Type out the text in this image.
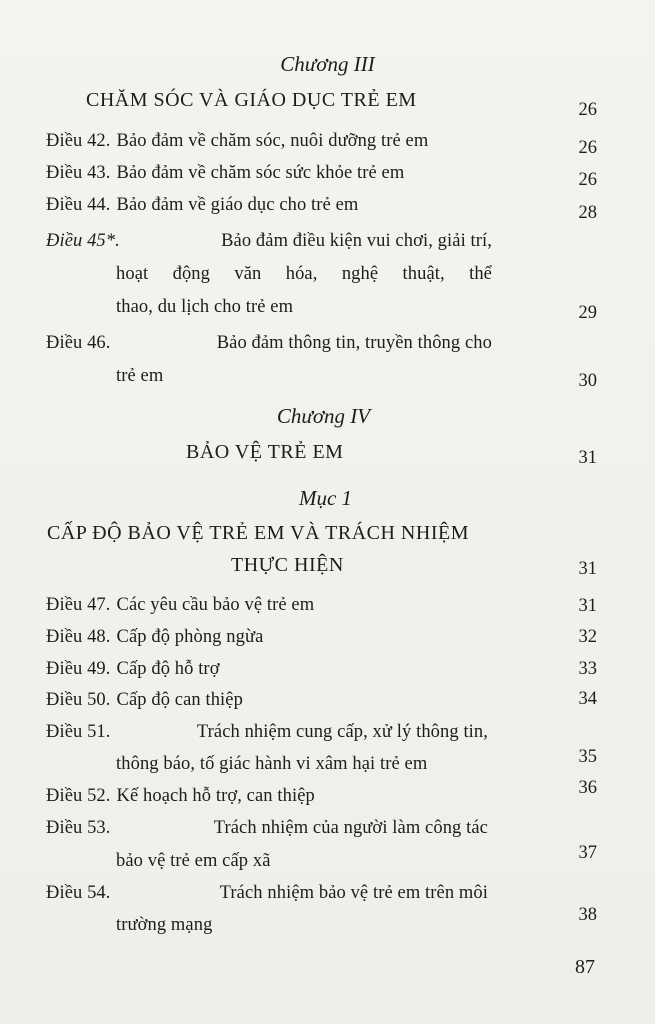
Chương III
CHĂM SÓC VÀ GIÁO DỤC TRẺ EM	26
Điều 42. Bảo đảm về chăm sóc, nuôi dưỡng trẻ em	26
Điều 43. Bảo đảm về chăm sóc sức khỏe trẻ em	26
Điều 44. Bảo đảm về giáo dục cho trẻ em	28
Điều 45*.	Bảo đảm điều kiện vui chơi, giải trí,
hoạt động văn hóa, nghệ thuật, thể
thao, du lịch cho trẻ em	29
Điều 46.	Bảo đảm thông tin, truyền thông cho
trẻ em	30
Chương IV
BẢO VỆ TRẺ EM	31
Mục 1
CẤP ĐỘ BẢO VỆ TRẺ EM VÀ TRÁCH NHIỆM
THỰC HIỆN	31
Điều 47. Các yêu cầu bảo vệ trẻ em	31
Điều 48. Cấp độ phòng ngừa	32
Điều 49. Cấp độ hỗ trợ	33
Điều 50. Cấp độ can thiệp	34
Điều 51.	Trách nhiệm cung cấp, xử lý thông tin,
thông báo, tố giác hành vi xâm hại trẻ em	35
Điều 52. Kế hoạch hỗ trợ, can thiệp	36
Điều 53.	Trách nhiệm của người làm công tác
bảo vệ trẻ em cấp xã	37
Điều 54.	Trách nhiệm bảo vệ trẻ em trên môi
trường mạng	38
87
